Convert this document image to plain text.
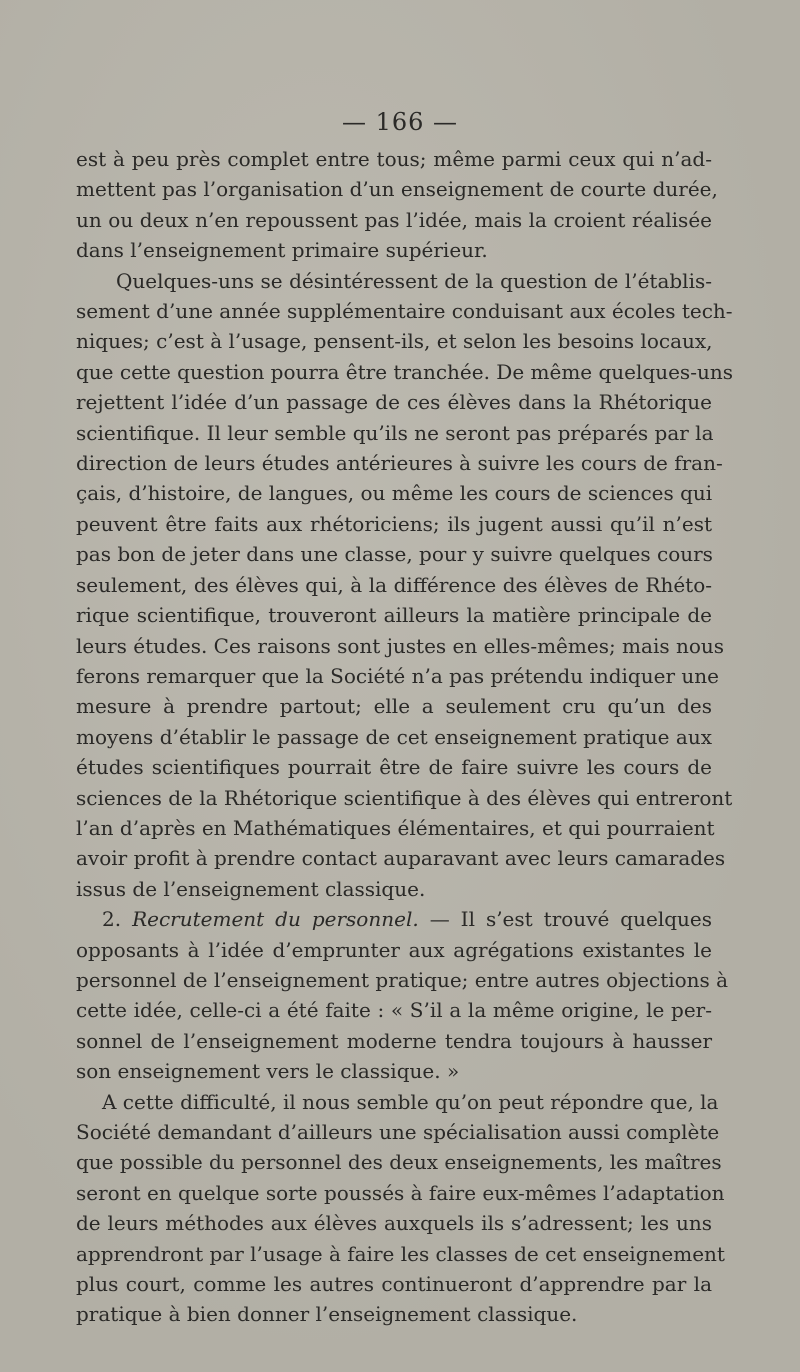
— 166 —
est à peu près complet entre tous; même parmi ceux qui n’ad-
mettent pas l’organisation d’un enseignement de courte durée,
un ou deux n’en repoussent pas l’idée, mais la croient réalisée
dans l’enseignement primaire supérieur.
Quelques-uns se désintéressent de la question de l’établis-
sement d’une année supplémentaire conduisant aux écoles tech-
niques; c’est à l’usage, pensent-ils, et selon les besoins locaux,
que cette question pourra être tranchée. De même quelques-uns
rejettent l’idée d’un passage de ces élèves dans la Rhétorique
scientifique. Il leur semble qu’ils ne seront pas préparés par la
direction de leurs études antérieures à suivre les cours de fran-
çais, d’histoire, de langues, ou même les cours de sciences qui
peuvent être faits aux rhétoriciens; ils jugent aussi qu’il n’est
pas bon de jeter dans une classe, pour y suivre quelques cours
seulement, des élèves qui, à la différence des élèves de Rhéto-
rique scientifique, trouveront ailleurs la matière principale de
leurs études. Ces raisons sont justes en elles-mêmes; mais nous
ferons remarquer que la Société n’a pas prétendu indiquer une
mesure à prendre partout; elle a seulement cru qu’un des
moyens d’établir le passage de cet enseignement pratique aux
études scientifiques pourrait être de faire suivre les cours de
sciences de la Rhétorique scientifique à des élèves qui entreront
l’an d’après en Mathématiques élémentaires, et qui pourraient
avoir profit à prendre contact auparavant avec leurs camarades
issus de l’enseignement classique.
2. Recrutement du personnel. — Il s’est trouvé quelques
opposants à l’idée d’emprunter aux agrégations existantes le
personnel de l’enseignement pratique; entre autres objections à
cette idée, celle-ci a été faite : « S’il a la même origine, le per-
sonnel de l’enseignement moderne tendra toujours à hausser
son enseignement vers le classique. »
A cette difficulté, il nous semble qu’on peut répondre que, la
Société demandant d’ailleurs une spécialisation aussi complète
que possible du personnel des deux enseignements, les maîtres
seront en quelque sorte poussés à faire eux-mêmes l’adaptation
de leurs méthodes aux élèves auxquels ils s’adressent; les uns
apprendront par l’usage à faire les classes de cet enseignement
plus court, comme les autres continueront d’apprendre par la
pratique à bien donner l’enseignement classique.
